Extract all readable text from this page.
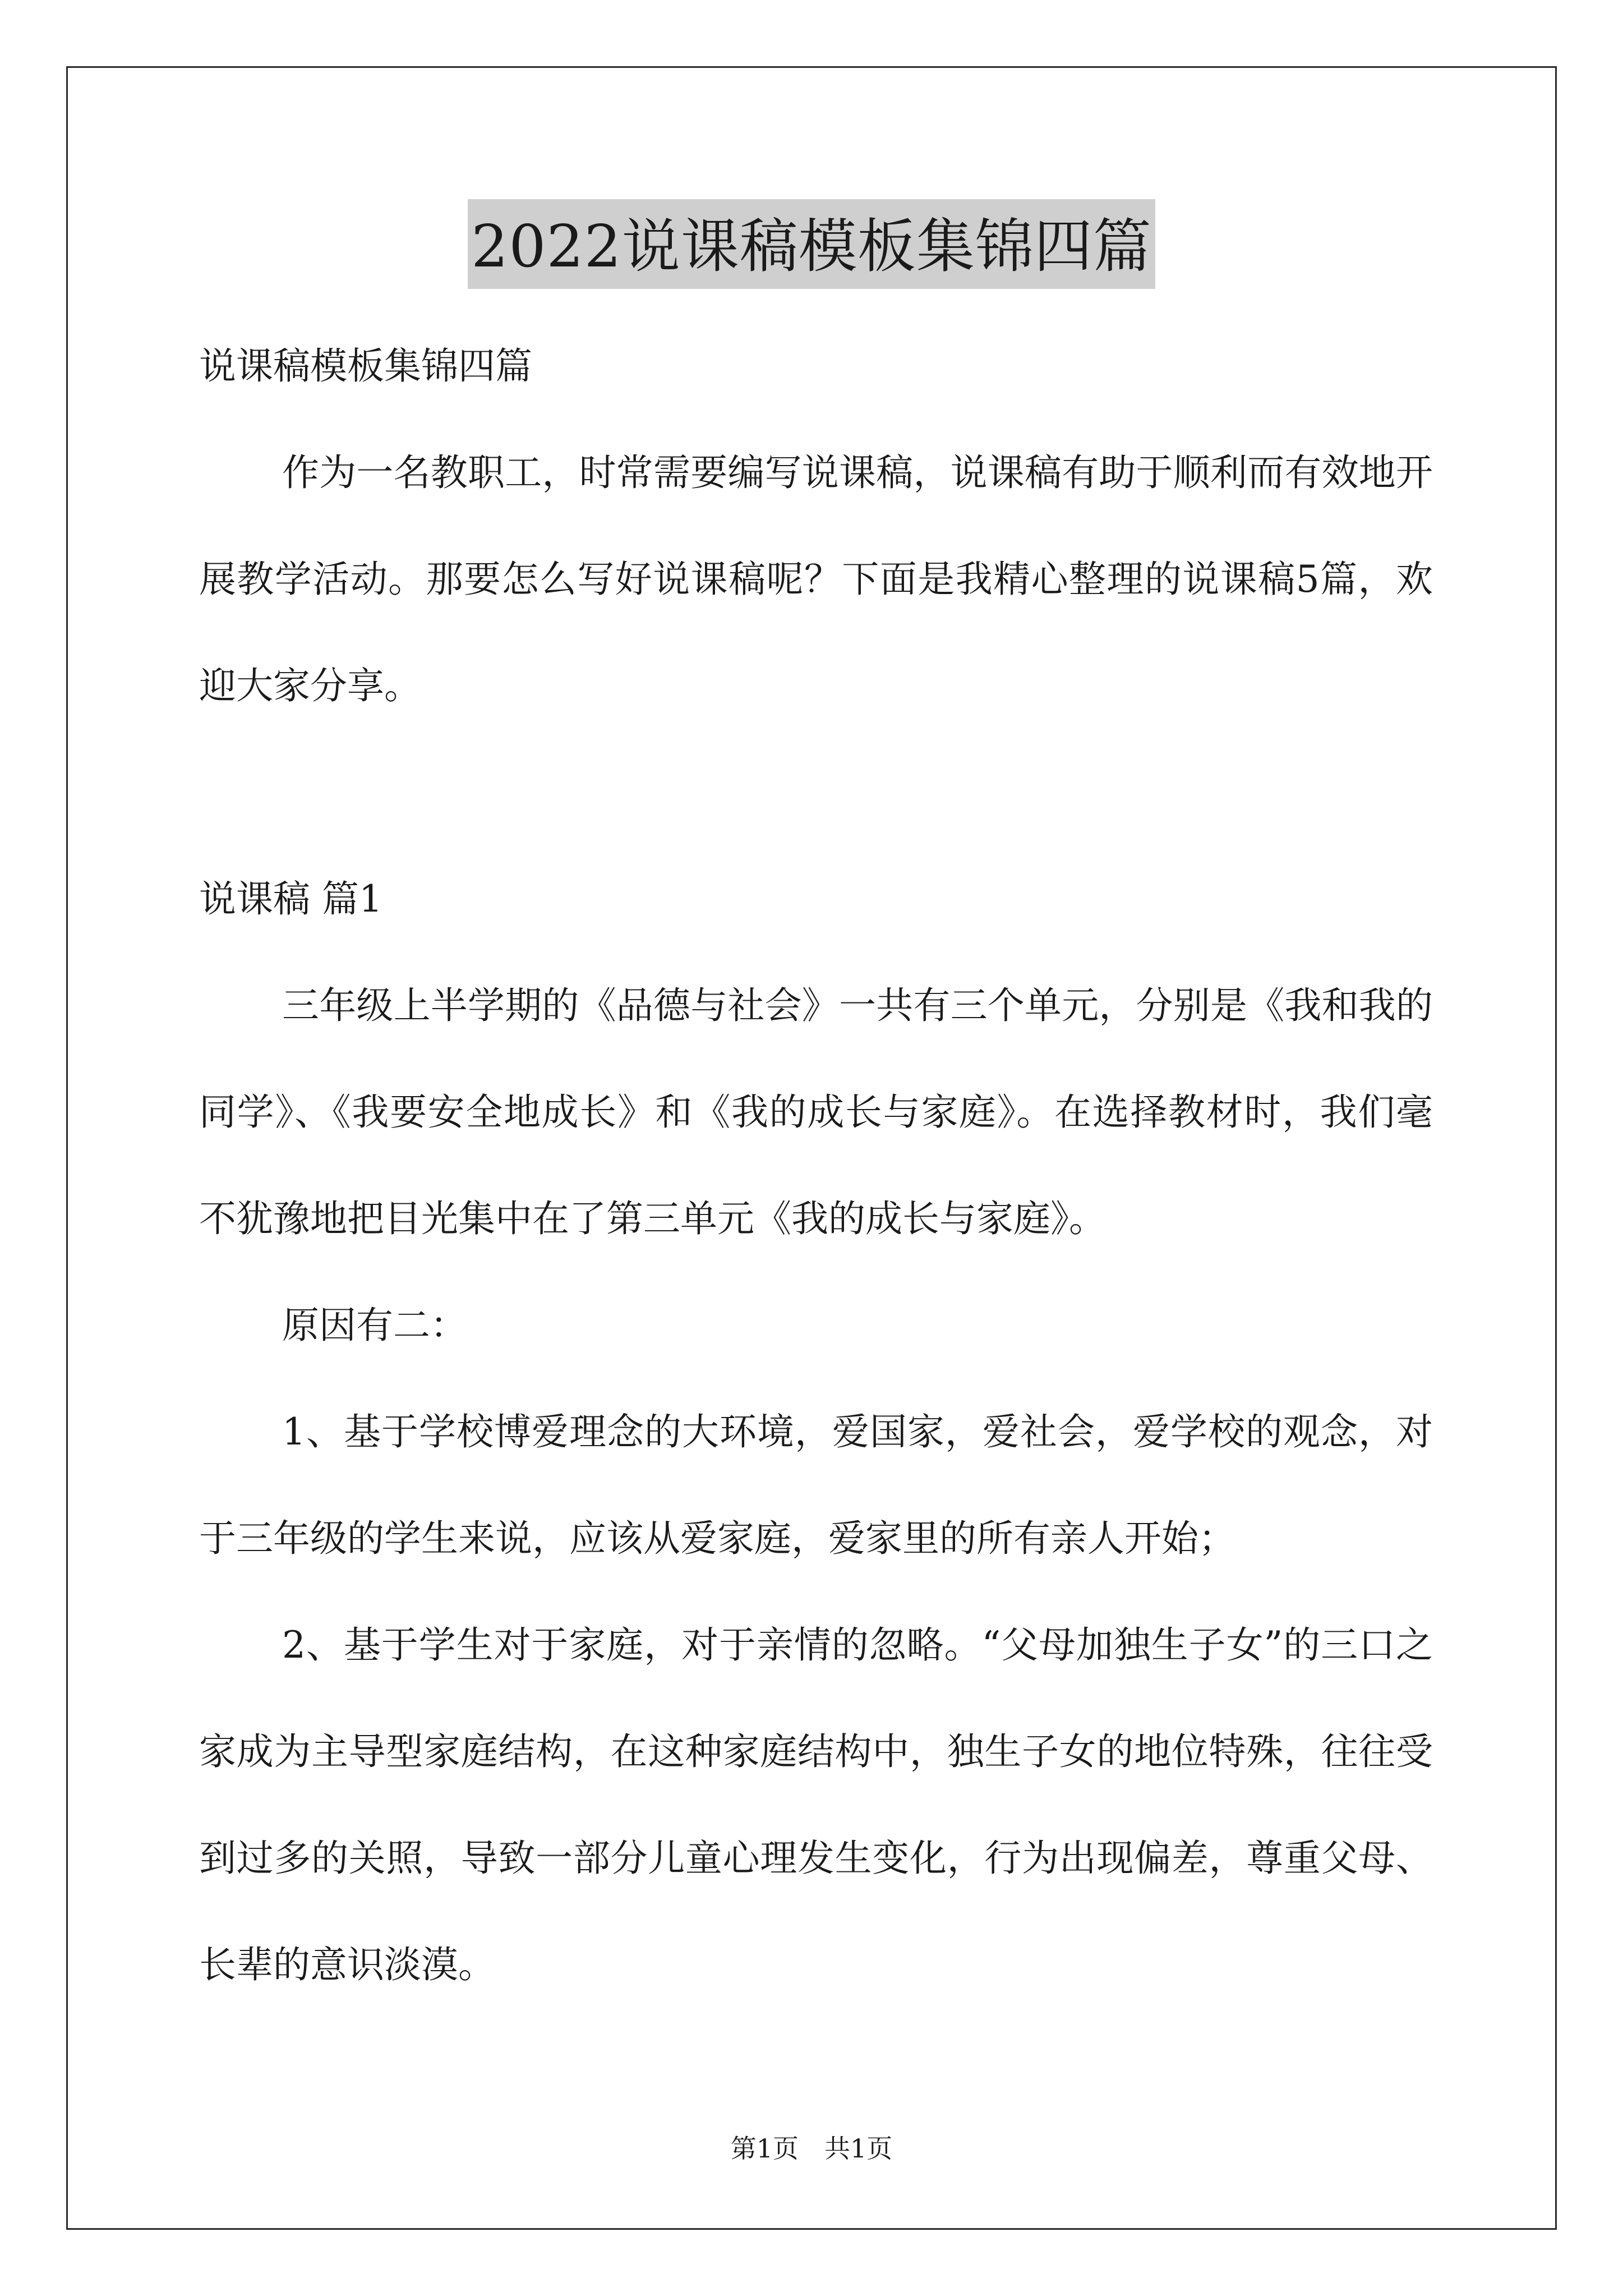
2022说课稿模板集锦四篇

说课稿模板集锦四篇

作为一名教职工，时常需要编写说课稿，说课稿有助于顺利而有效地开展教学活动。那要怎么写好说课稿呢？下面是我精心整理的说课稿5篇，欢迎大家分享。

说课稿 篇1

三年级上半学期的《品德与社会》一共有三个单元，分别是《我和我的同学》、《我要安全地成长》和《我的成长与家庭》。在选择教材时，我们毫不犹豫地把目光集中在了第三单元《我的成长与家庭》。

原因有二：

1、基于学校博爱理念的大环境，爱国家，爱社会，爱学校的观念，对于三年级的学生来说，应该从爱家庭，爱家里的所有亲人开始；

2、基于学生对于家庭，对于亲情的忽略。“父母加独生子女”的三口之家成为主导型家庭结构，在这种家庭结构中，独生子女的地位特殊，往往受到过多的关照，导致一部分儿童心理发生变化，行为出现偏差，尊重父母、长辈的意识淡漠。

第1页　共1页
